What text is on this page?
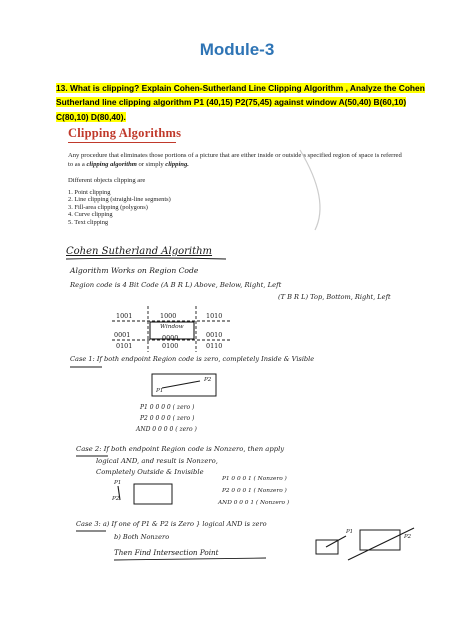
Module-3
13. What is clipping? Explain Cohen-Sutherland Line Clipping Algorithm , Analyze the Cohen Sutherland line clipping algorithm P1 (40,15) P2(75,45) against window A(50,40) B(60,10) C(80,10) D(80,40).
Clipping Algorithms
Any procedure that eliminates those portions of a picture that are either inside or outside a specified region of space is referred to as a clipping algorithm or simply clipping.
Different objects clipping are
1. Point clipping
2. Line clipping (straight-line segments)
3. Fill-area clipping (polygons)
4. Curve clipping
5. Text clipping
Cohen Sutherland Algorithm
Algorithm Works on Region Code
Region code is 4 Bit Code (A B R L) Above, Below, Right, Left
(T B R L) Top, Bottom, Right, Left
1001	1000	1010
Window
0001	0000	0010
0101	0100	0110
Case 1: If both endpoint Region code is zero, completely Inside & Visible
P1
P2
P1 0 0 0 0 ( zero )
P2 0 0 0 0 ( zero )
AND 0 0 0 0 ( zero )
Case 2: If both endpoint Region code is Nonzero, then apply
logical AND, and result is Nonzero,
Completely Outside & Invisible
P1
P2
P1 0 0 0 1 ( Nonzero )
P2 0 0 0 1 ( Nonzero )
AND 0 0 0 1 ( Nonzero )
Case 3: a) If one of P1 & P2 is Zero } logical AND is zero
b) Both Nonzero
Then Find Intersection Point
P1
P2
